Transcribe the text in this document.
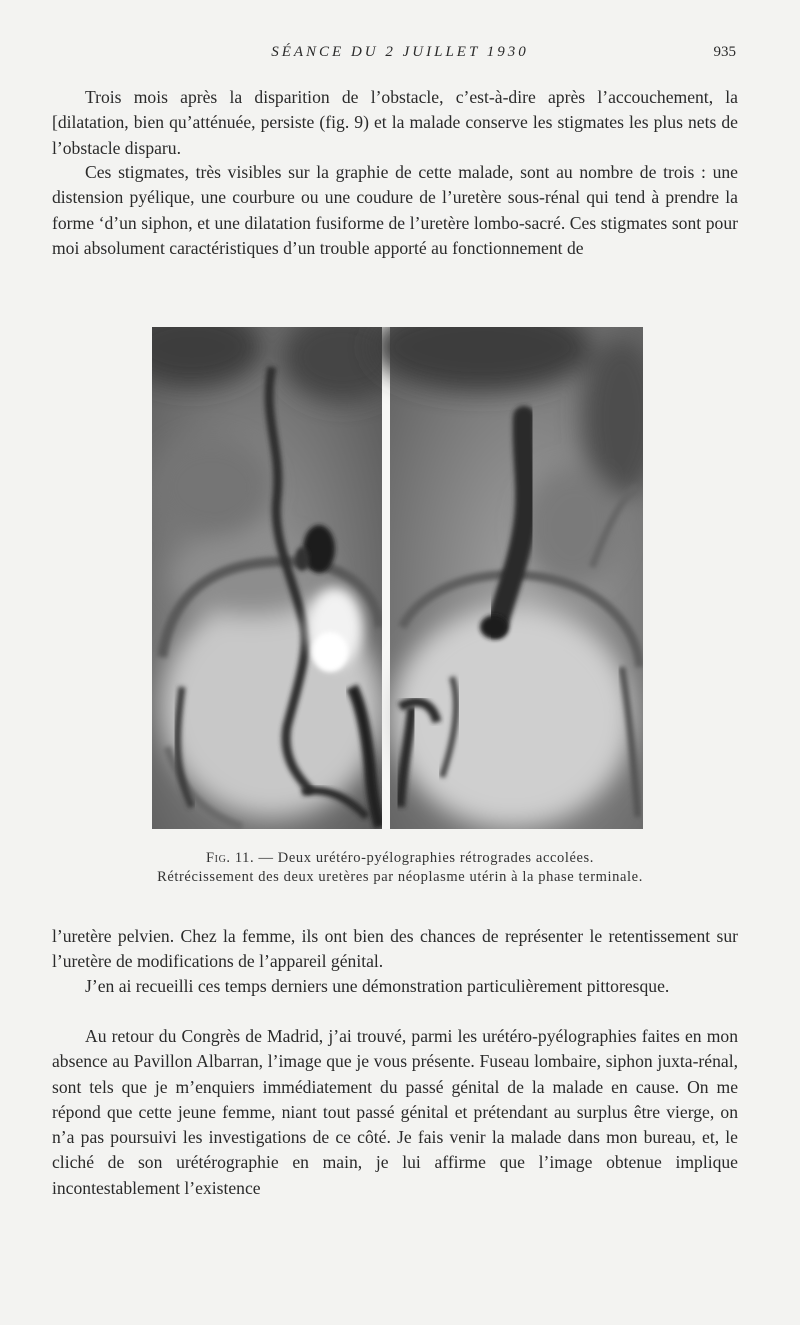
SÉANCE DU 2 JUILLET 1930	935

Trois mois après la disparition de l’obstacle, c’est-à-dire après l’accouchement, la [dilatation, bien qu’atténuée, persiste (fig. 9) et la malade conserve les stigmates les plus nets de l’obstacle disparu.

Ces stigmates, très visibles sur la graphie de cette malade, sont au nombre de trois : une distension pyélique, une courbure ou une coudure de l’uretère sous-rénal qui tend à prendre la forme ‘d’un siphon, et une dilatation fusiforme de l’uretère lombo-sacré. Ces stigmates sont pour moi absolument caractéristiques d’un trouble apporté au fonctionnement de

Fig. 11. — Deux urétéro-pyélographies rétrogrades accolées.
Rétrécissement des deux uretères par néoplasme utérin à la phase terminale.

l’uretère pelvien. Chez la femme, ils ont bien des chances de représenter le retentissement sur l’uretère de modifications de l’appareil génital.

J’en ai recueilli ces temps derniers une démonstration particulièrement pittoresque.

Au retour du Congrès de Madrid, j’ai trouvé, parmi les urétéro-pyélographies faites en mon absence au Pavillon Albarran, l’image que je vous présente. Fuseau lombaire, siphon juxta-rénal, sont tels que je m’enquiers immédiatement du passé génital de la malade en cause. On me répond que cette jeune femme, niant tout passé génital et prétendant au surplus être vierge, on n’a pas poursuivi les investigations de ce côté. Je fais venir la malade dans mon bureau, et, le cliché de son urétérographie en main, je lui affirme que l’image obtenue implique incontestablement l’existence
